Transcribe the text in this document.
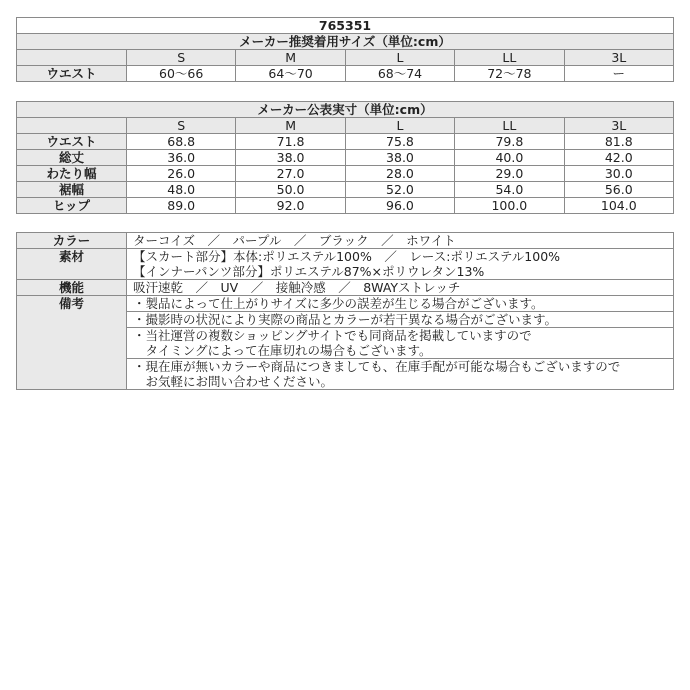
765351					
メーカー推奨着用サイズ（単位:cm）					
	S	M	L	LL	3L
ウエスト	60〜66	64〜70	68〜74	72〜78	ー
メーカー公表実寸（単位:cm）					
	S	M	L	LL	3L
ウエスト	68.8	71.8	75.8	79.8	81.8
総丈	36.0	38.0	38.0	40.0	42.0
わたり幅	26.0	27.0	28.0	29.0	30.0
裾幅	48.0	50.0	52.0	54.0	56.0
ヒップ	89.0	92.0	96.0	100.0	104.0
カラー	ターコイズ　／　パープル　／　ブラック　／　ホワイト
素材	【スカート部分】本体:ポリエステル100%　／　レース:ポリエステル100%
【インナーパンツ部分】ポリエステル87%×ポリウレタン13%

機能	吸汗速乾　／　UV　／　接触冷感　／　8WAYストレッチ
備考	・製品によって仕上がりサイズに多少の誤差が生じる場合がございます。

	・撮影時の状況により実際の商品とカラーが若干異なる場合がございます。

	・当社運営の複数ショッピングサイトでも同商品を掲載していますので
　タイミングによって在庫切れの場合もございます。

	・現在庫が無いカラーや商品につきましても、在庫手配が可能な場合もございますので
　お気軽にお問い合わせください。
